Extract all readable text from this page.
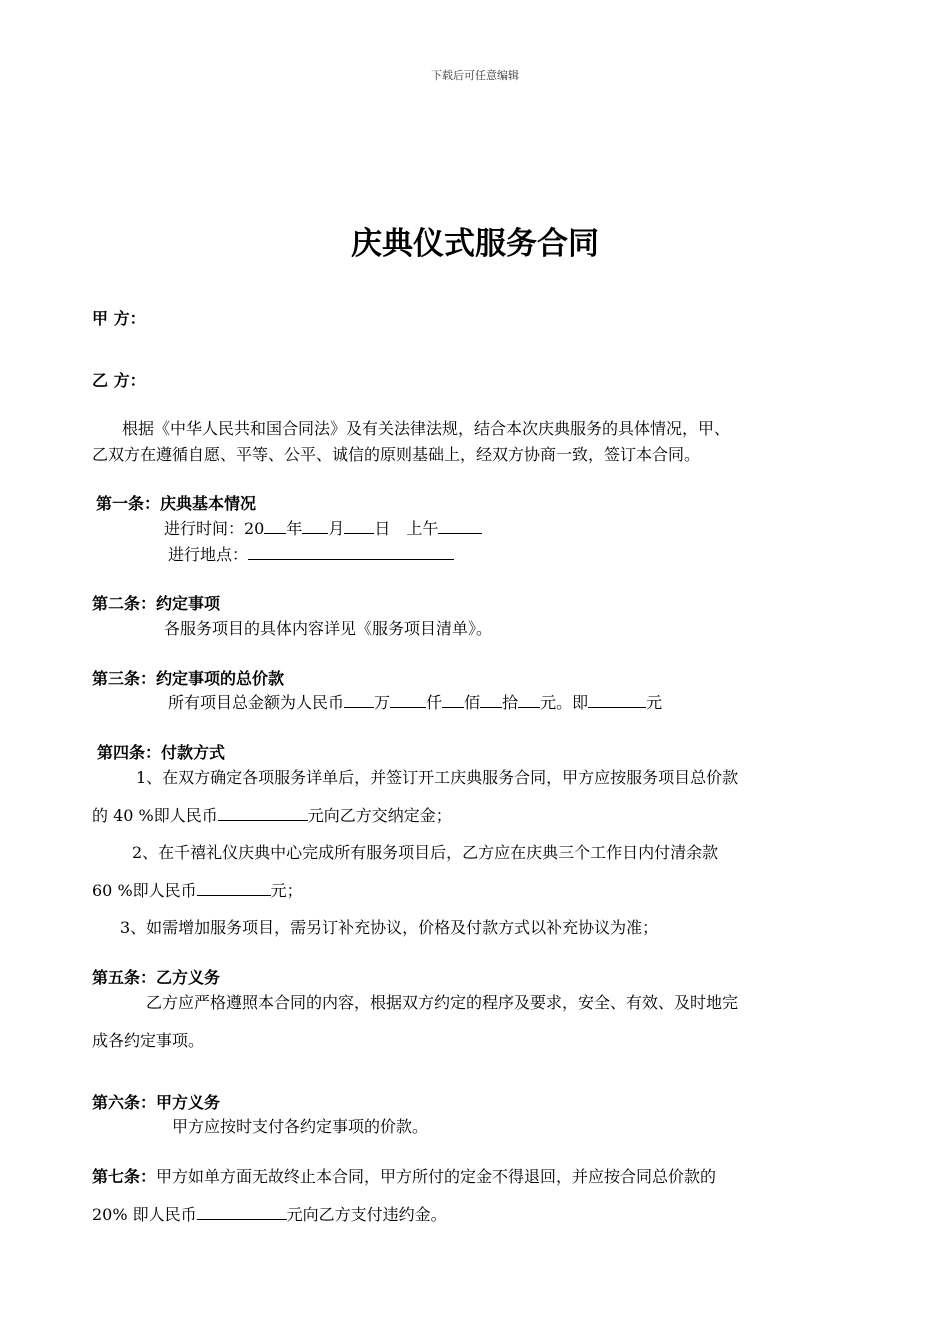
下载后可任意编辑
庆典仪式服务合同
甲 方：
乙 方：
根据《中华人民共和国合同法》及有关法律法规，结合本次庆典服务的具体情况，甲、
乙双方在遵循自愿、平等、公平、诚信的原则基础上，经双方协商一致，签订本合同。
第一条：庆典基本情况
进行时间：20 年 月 日 上午
进行地点：
第二条：约定事项
各服务项目的具体内容详见《服务项目清单》。
第三条：约定事项的总价款
所有项目总金额为人民币 万 仟 佰 拾 元。即	元
第四条：付款方式
1、在双方确定各项服务详单后，并签订开工庆典服务合同，甲方应按服务项目总价款
的 40 %即人民币	元向乙方交纳定金；
2、在千禧礼仪庆典中心完成所有服务项目后，乙方应在庆典三个工作日内付清余款
60 %即人民币	元；
3、如需增加服务项目，需另订补充协议，价格及付款方式以补充协议为准；
第五条：乙方义务
乙方应严格遵照本合同的内容，根据双方约定的程序及要求，安全、有效、及时地完
成各约定事项。
第六条：甲方义务
甲方应按时支付各约定事项的价款。
第七条：甲方如单方面无故终止本合同，甲方所付的定金不得退回，并应按合同总价款的
20% 即人民币	元向乙方支付违约金。
